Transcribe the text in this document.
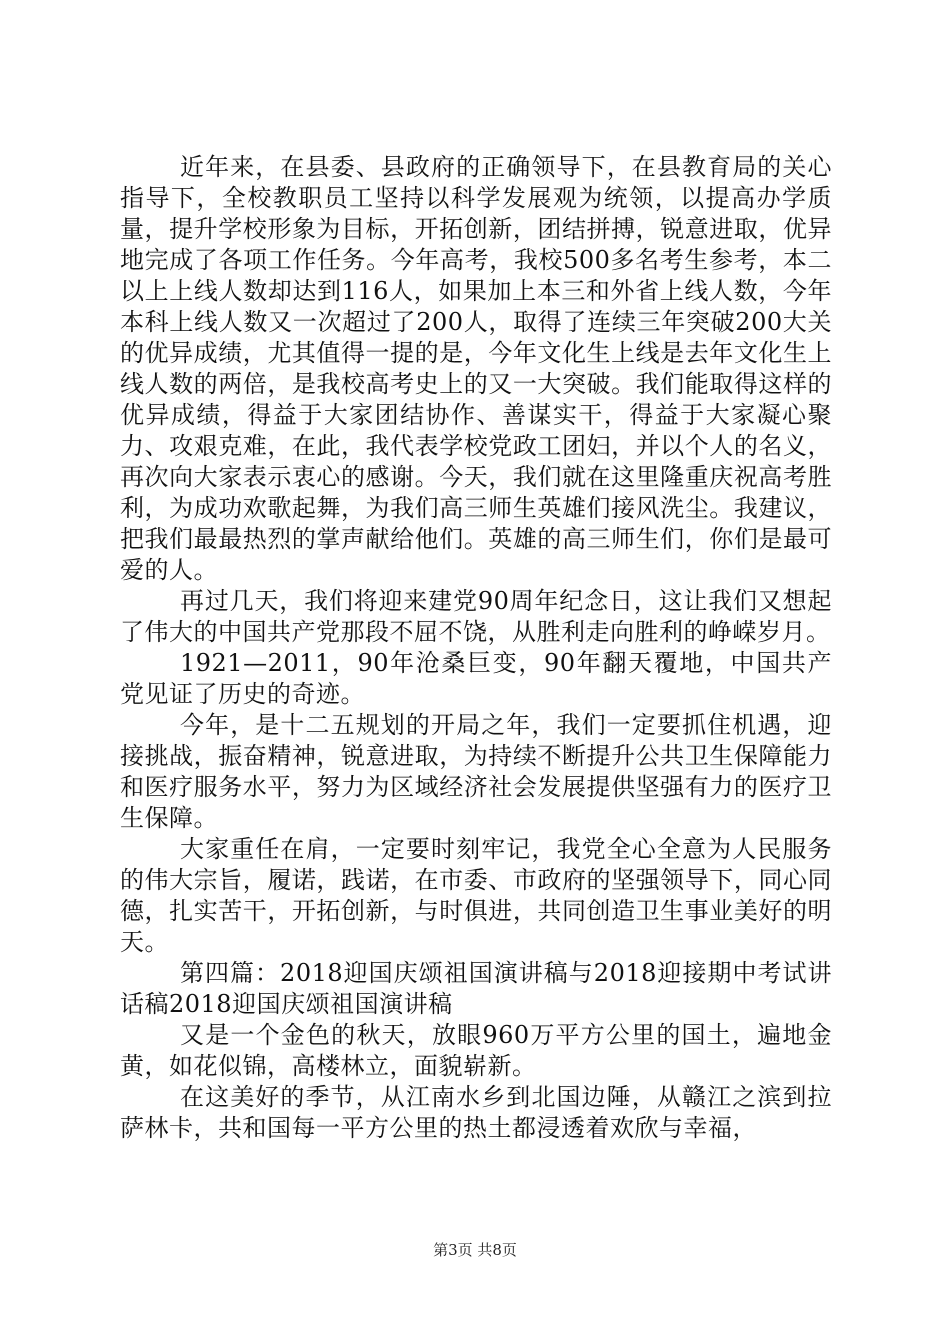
近年来，在县委、县政府的正确领导下，在县教育局的关心指导下，全校教职员工坚持以科学发展观为统领，以提高办学质量，提升学校形象为目标，开拓创新，团结拼搏，锐意进取，优异地完成了各项工作任务。今年高考，我校500多名考生参考，本二以上上线人数却达到116人，如果加上本三和外省上线人数，今年本科上线人数又一次超过了200人，取得了连续三年突破200大关的优异成绩，尤其值得一提的是，今年文化生上线是去年文化生上线人数的两倍，是我校高考史上的又一大突破。我们能取得这样的优异成绩，得益于大家团结协作、善谋实干，得益于大家凝心聚力、攻艰克难，在此，我代表学校党政工团妇，并以个人的名义，再次向大家表示衷心的感谢。今天，我们就在这里隆重庆祝高考胜利，为成功欢歌起舞，为我们高三师生英雄们接风洗尘。我建议，把我们最最热烈的掌声献给他们。英雄的高三师生们，你们是最可爱的人。

再过几天，我们将迎来建党90周年纪念日，这让我们又想起了伟大的中国共产党那段不屈不饶，从胜利走向胜利的峥嵘岁月。

1921—2011，90年沧桑巨变，90年翻天覆地，中国共产党见证了历史的奇迹。

今年，是十二五规划的开局之年，我们一定要抓住机遇，迎接挑战，振奋精神，锐意进取，为持续不断提升公共卫生保障能力和医疗服务水平，努力为区域经济社会发展提供坚强有力的医疗卫生保障。

大家重任在肩，一定要时刻牢记，我党全心全意为人民服务的伟大宗旨，履诺，践诺，在市委、市政府的坚强领导下，同心同德，扎实苦干，开拓创新，与时俱进，共同创造卫生事业美好的明天。

第四篇：2018迎国庆颂祖国演讲稿与2018迎接期中考试讲话稿2018迎国庆颂祖国演讲稿

又是一个金色的秋天，放眼960万平方公里的国土，遍地金黄，如花似锦，高楼林立，面貌崭新。

在这美好的季节，从江南水乡到北国边陲，从赣江之滨到拉萨林卡，共和国每一平方公里的热土都浸透着欢欣与幸福，

第3页 共8页
